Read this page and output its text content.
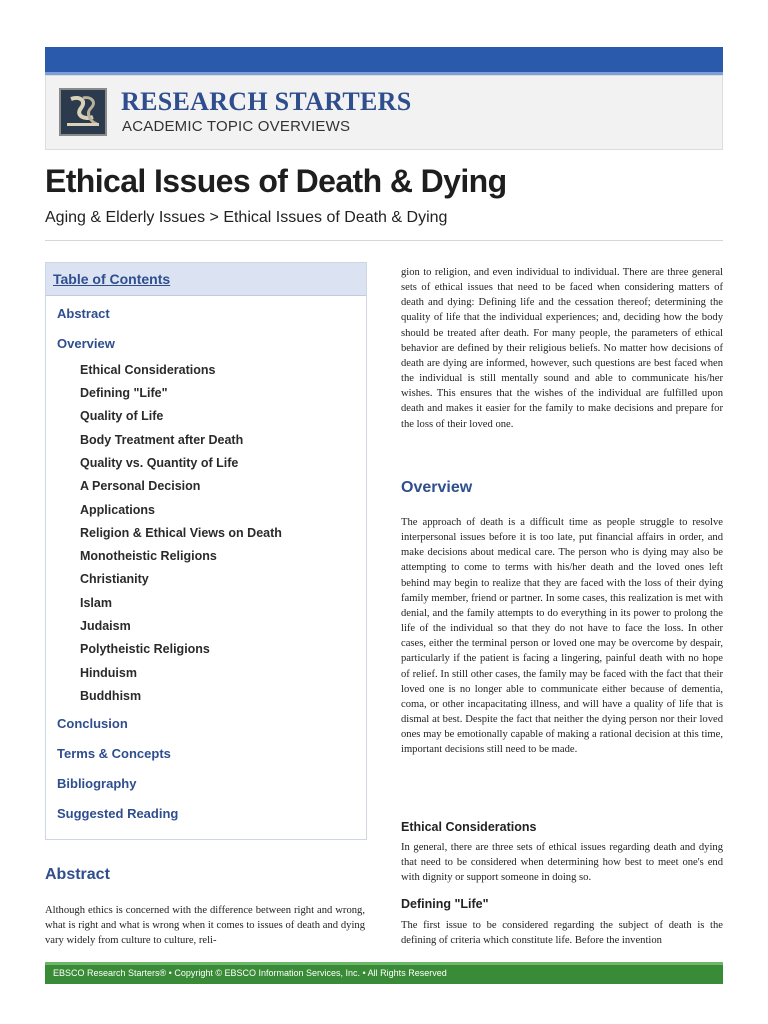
RESEARCH STARTERS
ACADEMIC TOPIC OVERVIEWS
Ethical Issues of Death & Dying
Aging & Elderly Issues > Ethical Issues of Death & Dying
Table of Contents
Abstract
Overview
Ethical Considerations
Defining "Life"
Quality of Life
Body Treatment after Death
Quality vs. Quantity of Life
A Personal Decision
Applications
Religion & Ethical Views on Death
Monotheistic Religions
Christianity
Islam
Judaism
Polytheistic Religions
Hinduism
Buddhism
Conclusion
Terms & Concepts
Bibliography
Suggested Reading
Abstract
Although ethics is concerned with the difference between right and wrong, what is right and what is wrong when it comes to issues of death and dying vary widely from culture to culture, reli-
gion to religion, and even individual to individual. There are three general sets of ethical issues that need to be faced when considering matters of death and dying: Defining life and the cessation thereof; determining the quality of life that the individual experiences; and, deciding how the body should be treated after death. For many people, the parameters of ethical behavior are defined by their religious beliefs. No matter how decisions of death are dying are informed, however, such questions are best faced when the individual is still mentally sound and able to communicate his/her wishes. This ensures that the wishes of the individual are fulfilled upon death and makes it easier for the family to make decisions and prepare for the loss of their loved one.
Overview
The approach of death is a difficult time as people struggle to resolve interpersonal issues before it is too late, put financial affairs in order, and make decisions about medical care. The person who is dying may also be attempting to come to terms with his/her death and the loved ones left behind may begin to realize that they are faced with the loss of their dying family member, friend or partner. In some cases, this realization is met with denial, and the family attempts to do everything in its power to prolong the life of the individual so that they do not have to face the loss. In other cases, either the terminal person or loved one may be overcome by despair, particularly if the patient is facing a lingering, painful death with no hope of relief. In still other cases, the family may be faced with the fact that their loved one is no longer able to communicate either because of dementia, coma, or other incapacitating illness, and will have a quality of life that is dismal at best. Despite the fact that neither the dying person nor their loved ones may be emotionally capable of making a rational decision at this time, important decisions still need to be made.
Ethical Considerations
In general, there are three sets of ethical issues regarding death and dying that need to be considered when determining how best to meet one's end with dignity or support someone in doing so.
Defining "Life"
The first issue to be considered regarding the subject of death is the defining of criteria which constitute life. Before the invention
EBSCO Research Starters® • Copyright © EBSCO Information Services, Inc. • All Rights Reserved
